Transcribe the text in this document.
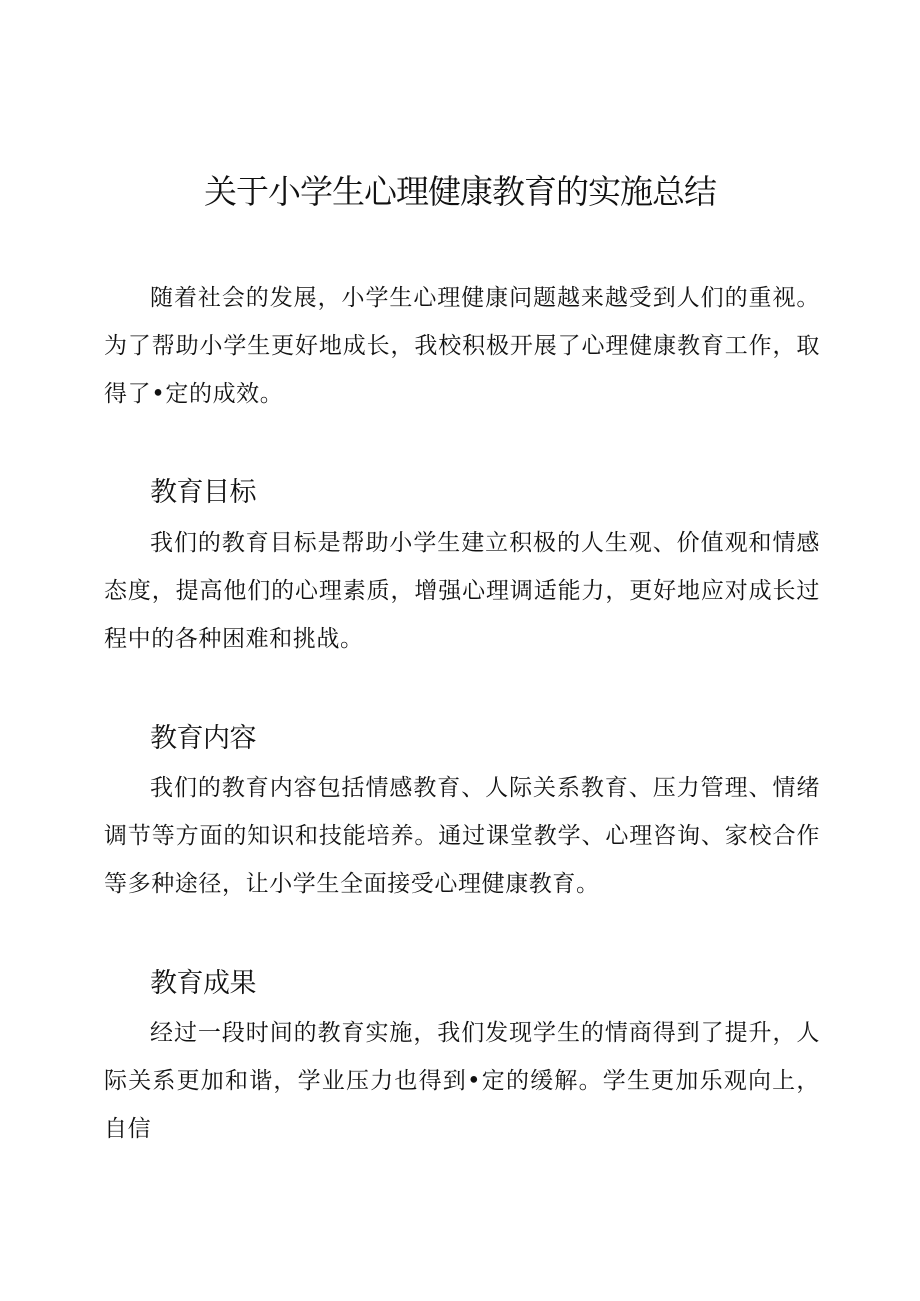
关于小学生心理健康教育的实施总结

随着社会的发展，小学生心理健康问题越来越受到人们的重视。为了帮助小学生更好地成长，我校积极开展了心理健康教育工作，取得了•定的成效。

教育目标

我们的教育目标是帮助小学生建立积极的人生观、价值观和情感态度，提高他们的心理素质，增强心理调适能力，更好地应对成长过程中的各种困难和挑战。

教育内容

我们的教育内容包括情感教育、人际关系教育、压力管理、情绪调节等方面的知识和技能培养。通过课堂教学、心理咨询、家校合作等多种途径，让小学生全面接受心理健康教育。

教育成果

经过一段时间的教育实施，我们发现学生的情商得到了提升，人际关系更加和谐，学业压力也得到•定的缓解。学生更加乐观向上，自信
